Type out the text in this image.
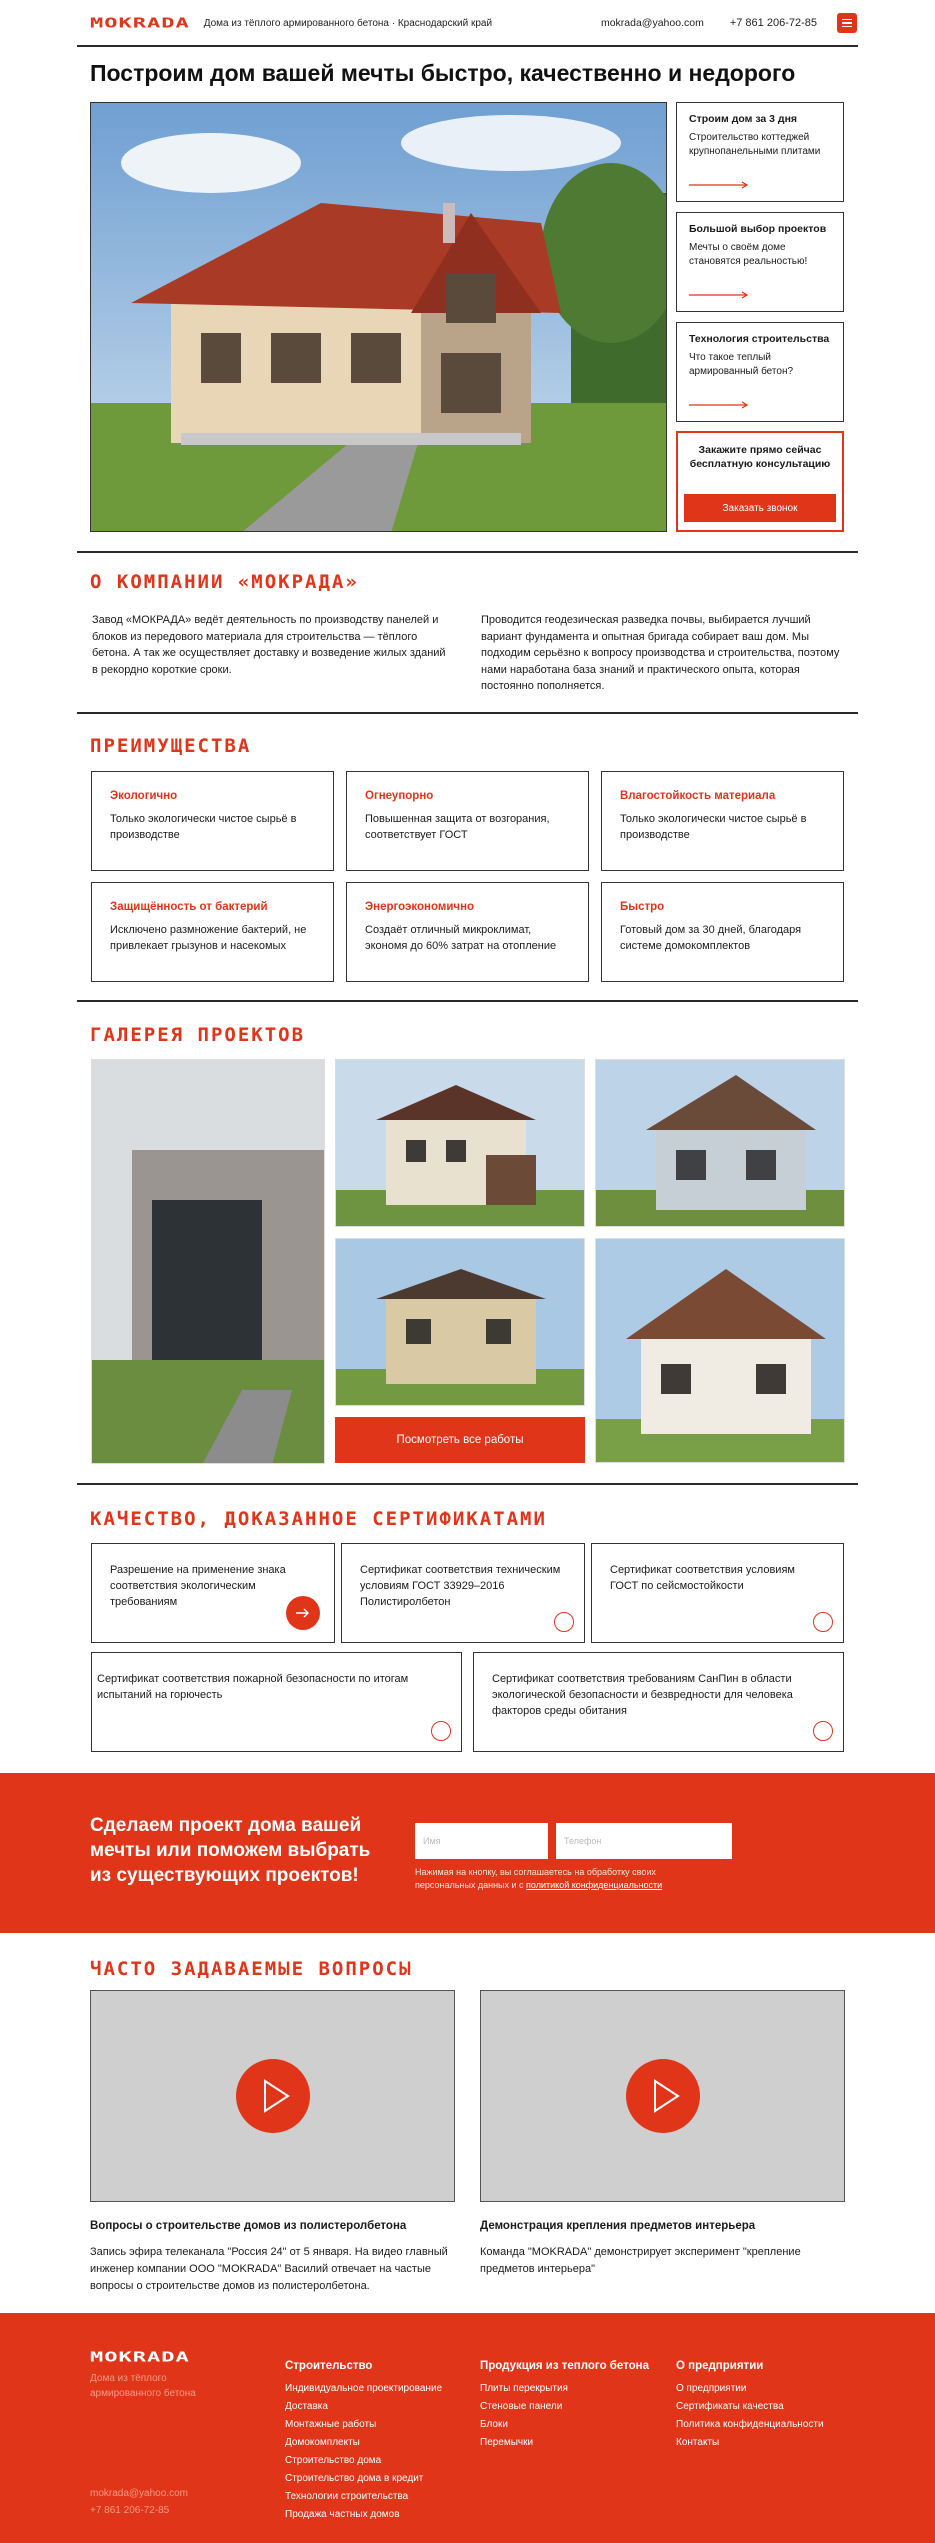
MOKRADA Дома из тёплого армированного бетона · Краснодарский край	mokrada@yahoo.com +7 861 206-72-85
Построим дом вашей мечты быстро, качественно и недорого
Строим дом за 3 дня

Строительство коттеджей крупнопанельными плитами

Большой выбор проектов

Мечты о своём доме становятся реальностью!

Технология строительства

Что такое теплый армированный бетон?

Закажите прямо сейчас бесплатную консультацию
Заказать звонок
О КОМПАНИИ «МОКРАДА»
Завод «МОКРАДА» ведёт деятельность по производству панелей и блоков из передового материала для строительства — тёплого бетона. А так же осуществляет доставку и возведение жилых зданий в рекордно короткие сроки.
Проводится геодезическая разведка почвы, выбирается лучший вариант фундамента и опытная бригада собирает ваш дом. Мы подходим серьёзно к вопросу производства и строительства, поэтому нами наработана база знаний и практического опыта, которая постоянно пополняется.
ПРЕИМУЩЕСТВА
Экологично

Только экологически чистое сырьё в производстве

Огнеупорно

Повышенная защита от возгорания, соответствует ГОСТ

Влагостойкость материала

Только экологически чистое сырьё в производстве

Защищённость от бактерий

Исключено размножение бактерий, не привлекает грызунов и насекомых

Энергоэкономично

Создаёт отличный микроклимат, экономя до 60% затрат на отопление

Быстро

Готовый дом за 30 дней, благодаря системе домокомплектов

ГАЛЕРЕЯ ПРОЕКТОВ
Посмотреть все работы
КАЧЕСТВО, ДОКАЗАННОЕ СЕРТИФИКАТАМИ
Разрешение на применение знака соответствия экологическим требованиям
Сертификат соответствия техническим условиям ГОСТ 33929–2016 Полистиролбетон
Сертификат соответствия условиям ГОСТ по сейсмостойкости
Сертификат соответствия пожарной безопасности по итогам испытаний на горючесть
Сертификат соответствия требованиям СанПин в области экологической безопасности и безвредности для человека факторов среды обитания
Сделаем проект дома вашей мечты или поможем выбрать из существующих проектов!
Имя	Телефон
Нажимая на кнопку, вы соглашаетесь на обработку своих персональных данных и с политикой конфиденциальности
ЧАСТО ЗАДАВАЕМЫЕ ВОПРОСЫ
Вопросы о строительстве домов из полистеролбетона
Запись эфира телеканала "Россия 24" от 5 января. На видео главный инженер компании ООО "MOKRADA" Василий отвечает на частые вопросы о строительстве домов из полистеролбетона.
Демонстрация крепления предметов интерьера
Команда "MOKRADA" демонстрирует эксперимент "крепление предметов интерьера"
MOKRADA
Дома из тёплого армированного бетона
mokrada@yahoo.com
+7 861 206-72-85
Строительство
Индивидуальное проектирование
Доставка
Монтажные работы
Домокомплекты
Строительство дома
Строительство дома в кредит
Технологии строительства
Продажа частных домов
Продукция из теплого бетона
Плиты перекрытия
Стеновые панели
Блоки
Перемычки
О предприятии
О предприятии
Сертификаты качества
Политика конфиденциальности
Контакты
